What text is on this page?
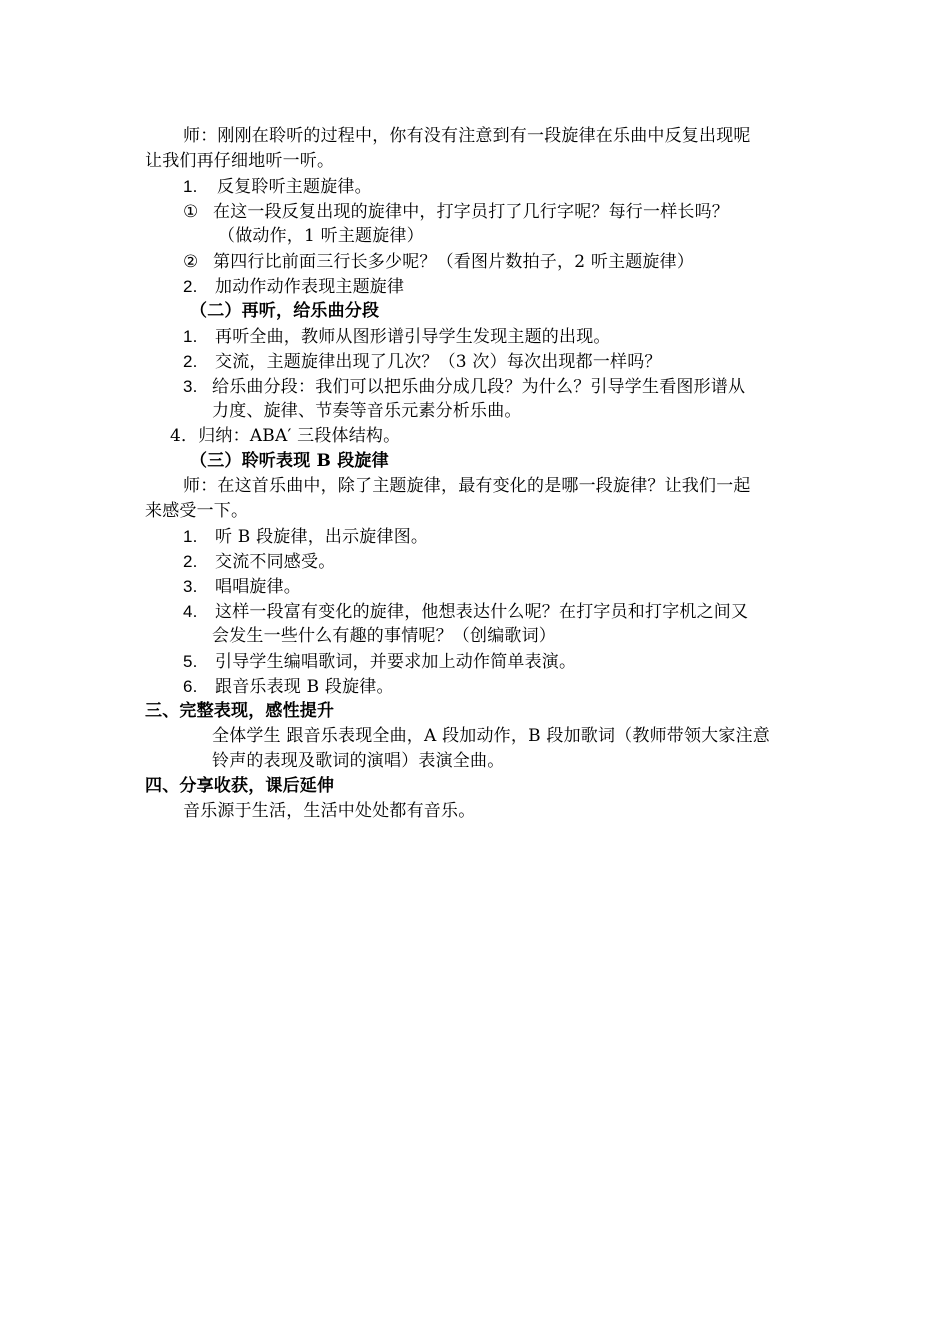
师：刚刚在聆听的过程中，你有没有注意到有一段旋律在乐曲中反复出现呢
让我们再仔细地听一听。
1. 反复聆听主题旋律。
① 在这一段反复出现的旋律中，打字员打了几行字呢？每行一样长吗？
（做动作，1 听主题旋律）
② 第四行比前面三行长多少呢？（看图片数拍子，2 听主题旋律）
2. 加动作动作表现主题旋律
（二）再听，给乐曲分段
1. 再听全曲，教师从图形谱引导学生发现主题的出现。
2. 交流，主题旋律出现了几次？（3 次）每次出现都一样吗？
3. 给乐曲分段：我们可以把乐曲分成几段？为什么？引导学生看图形谱从
力度、旋律、节奏等音乐元素分析乐曲。
4．归纳：ABA′ 三段体结构。
（三）聆听表现 B 段旋律
师：在这首乐曲中，除了主题旋律，最有变化的是哪一段旋律？让我们一起
来感受一下。
1. 听 B 段旋律，出示旋律图。
2. 交流不同感受。
3. 唱唱旋律。
4. 这样一段富有变化的旋律，他想表达什么呢？在打字员和打字机之间又
会发生一些什么有趣的事情呢？（创编歌词）
5. 引导学生编唱歌词，并要求加上动作简单表演。
6. 跟音乐表现 B 段旋律。
三、完整表现，感性提升
全体学生 跟音乐表现全曲，A 段加动作，B 段加歌词（教师带领大家注意
铃声的表现及歌词的演唱）表演全曲。
四、分享收获，课后延伸
音乐源于生活，生活中处处都有音乐。
